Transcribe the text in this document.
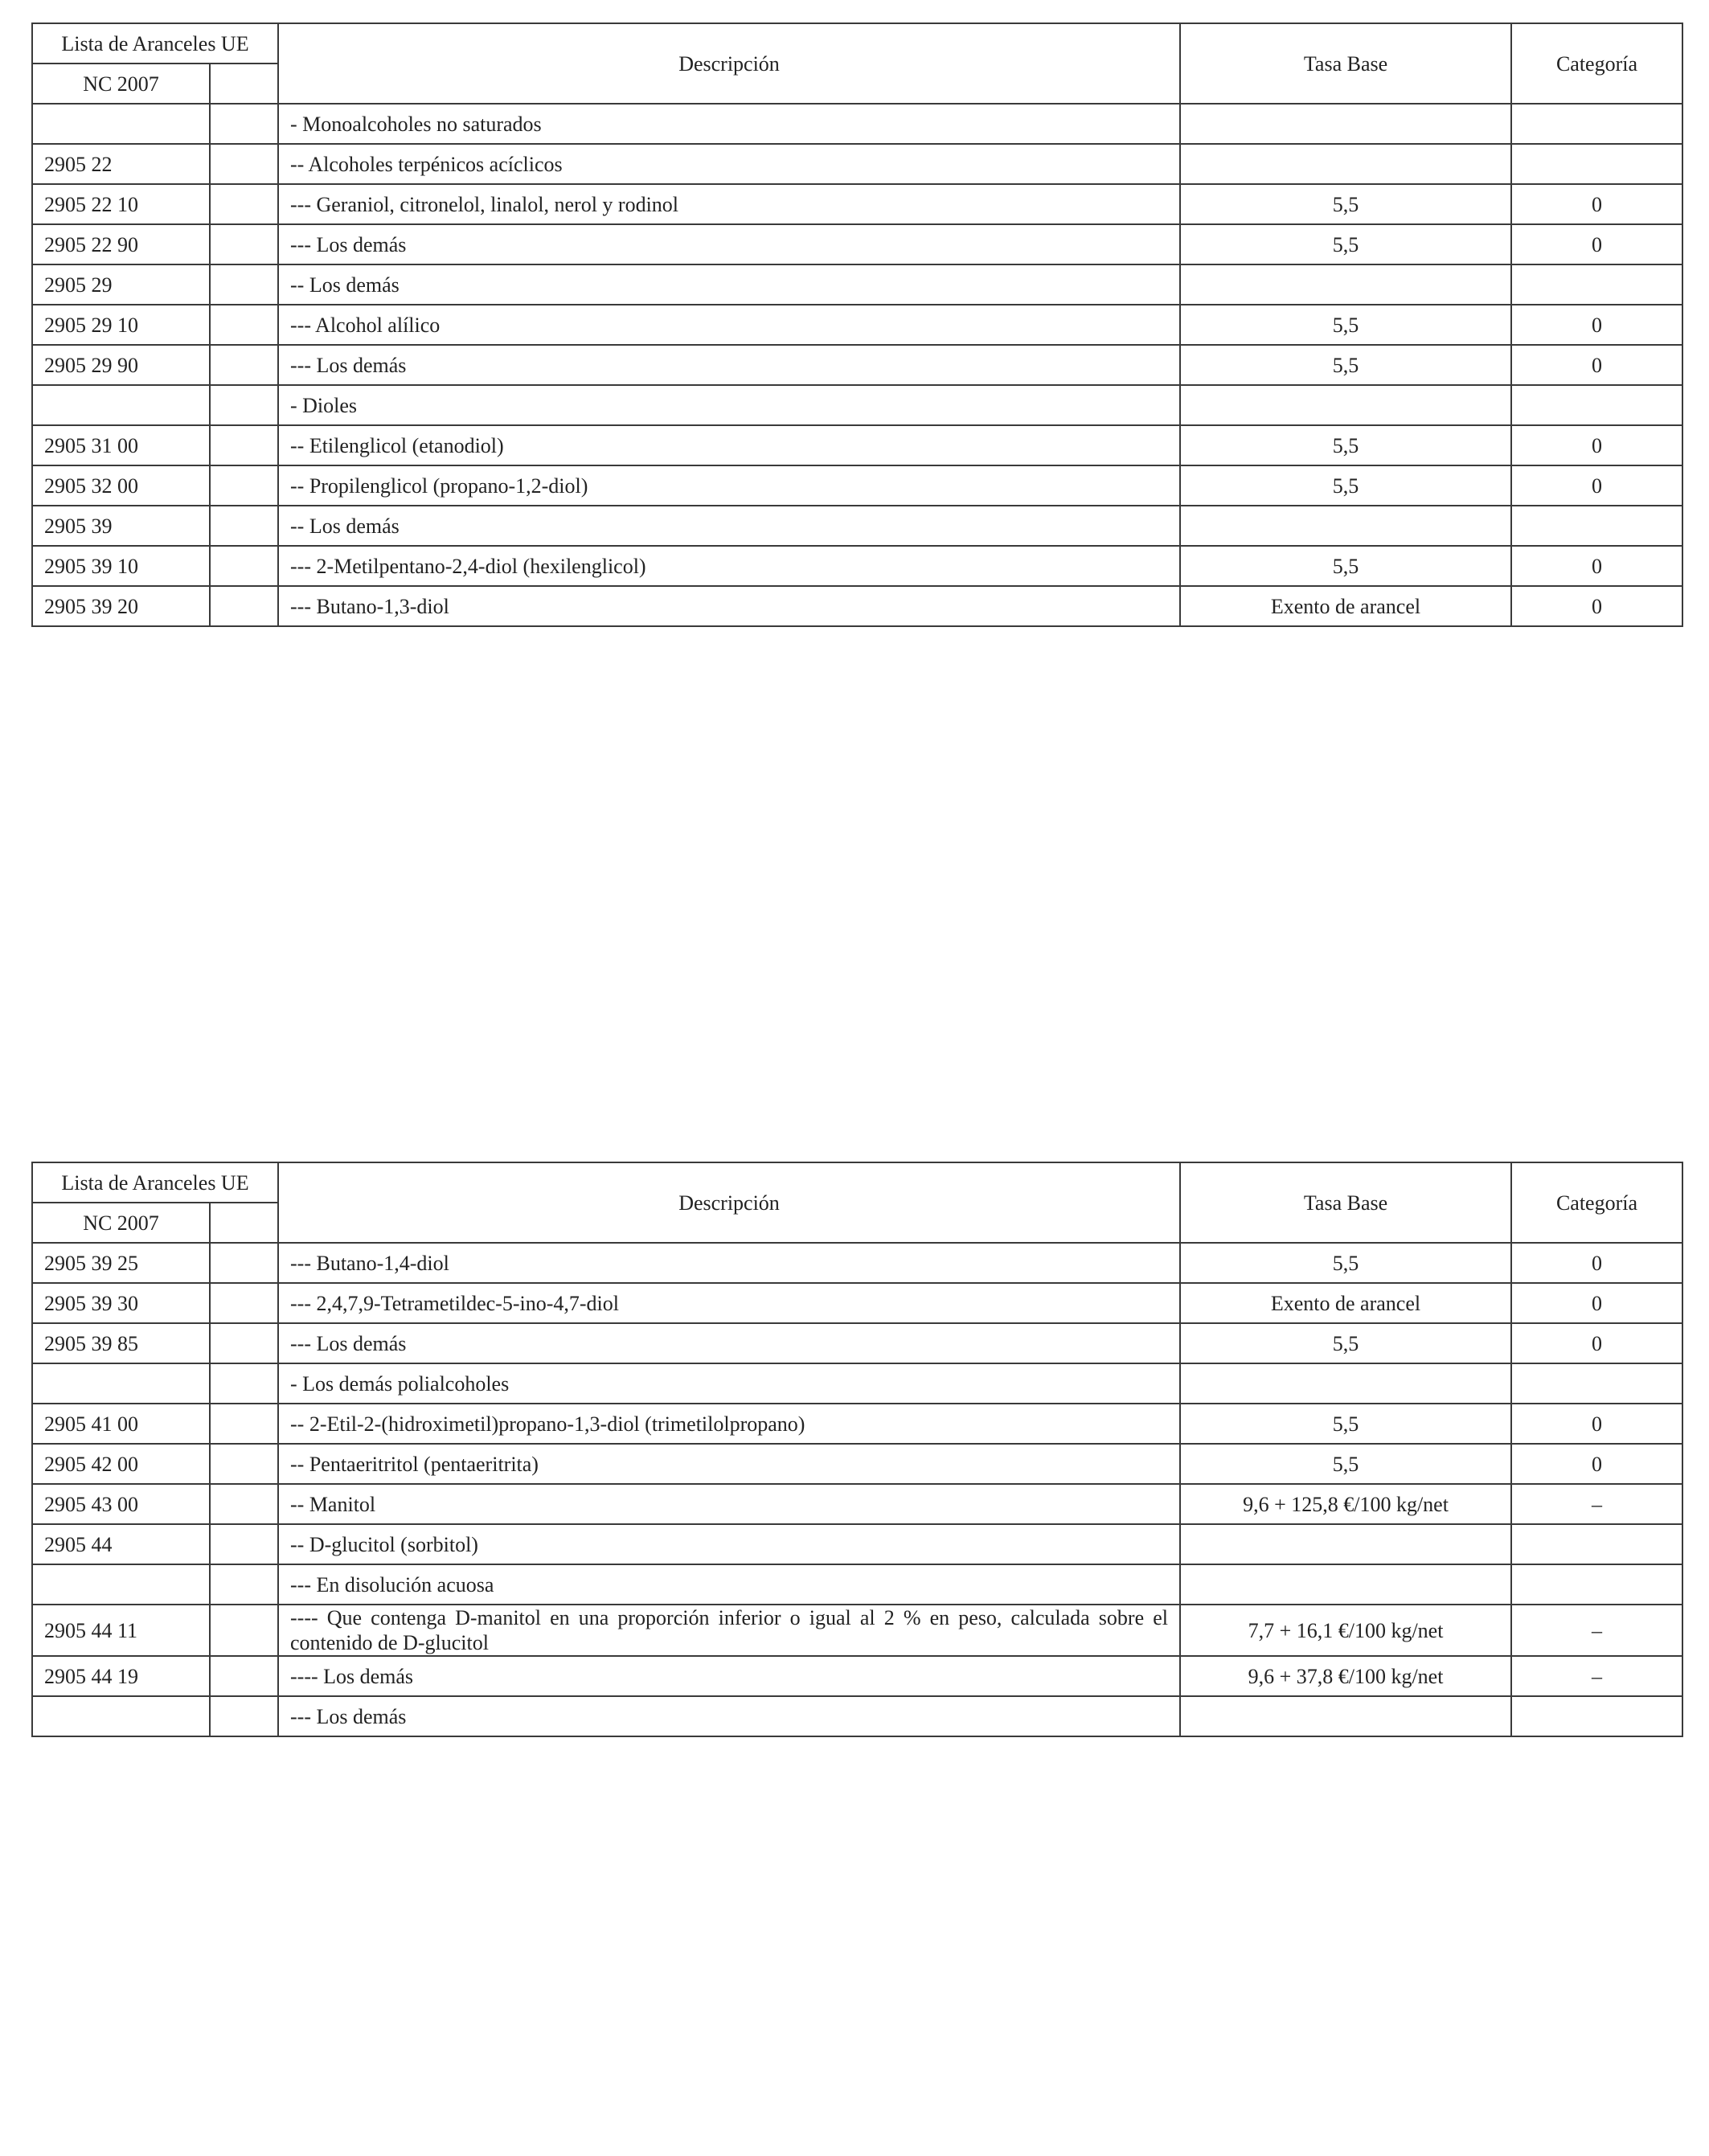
Lista de Aranceles UE		Descripción	Tasa Base	Categoría
NC 2007				
		- Monoalcoholes no saturados		
2905 22		-- Alcoholes terpénicos acíclicos		
2905 22 10		--- Geraniol, citronelol, linalol, nerol y rodinol	5,5	0
2905 22 90		--- Los demás	5,5	0
2905 29		-- Los demás		
2905 29 10		--- Alcohol alílico	5,5	0
2905 29 90		--- Los demás	5,5	0
		- Dioles		
2905 31 00		-- Etilenglicol (etanodiol)	5,5	0
2905 32 00		-- Propilenglicol (propano-1,2-diol)	5,5	0
2905 39		-- Los demás		
2905 39 10		--- 2-Metilpentano-2,4-diol (hexilenglicol)	5,5	0
2905 39 20		--- Butano-1,3-diol	Exento de arancel	0
Lista de Aranceles UE		Descripción	Tasa Base	Categoría
NC 2007				
2905 39 25		--- Butano-1,4-diol	5,5	0
2905 39 30		--- 2,4,7,9-Tetrametildec-5-ino-4,7-diol	Exento de arancel	0
2905 39 85		--- Los demás	5,5	0
		- Los demás polialcoholes		
2905 41 00		-- 2-Etil-2-(hidroximetil)propano-1,3-diol (trimetilolpropano)	5,5	0
2905 42 00		-- Pentaeritritol (pentaeritrita)	5,5	0
2905 43 00		-- Manitol	9,6 + 125,8 €/100 kg/net	–
2905 44		-- D-glucitol (sorbitol)		
		--- En disolución acuosa		
2905 44 11		---- Que contenga D-manitol en una proporción inferior o igual al 2 % en peso, calculada sobre el contenido de D-glucitol	7,7 + 16,1 €/100 kg/net	–
2905 44 19		---- Los demás	9,6 + 37,8 €/100 kg/net	–
		--- Los demás		
